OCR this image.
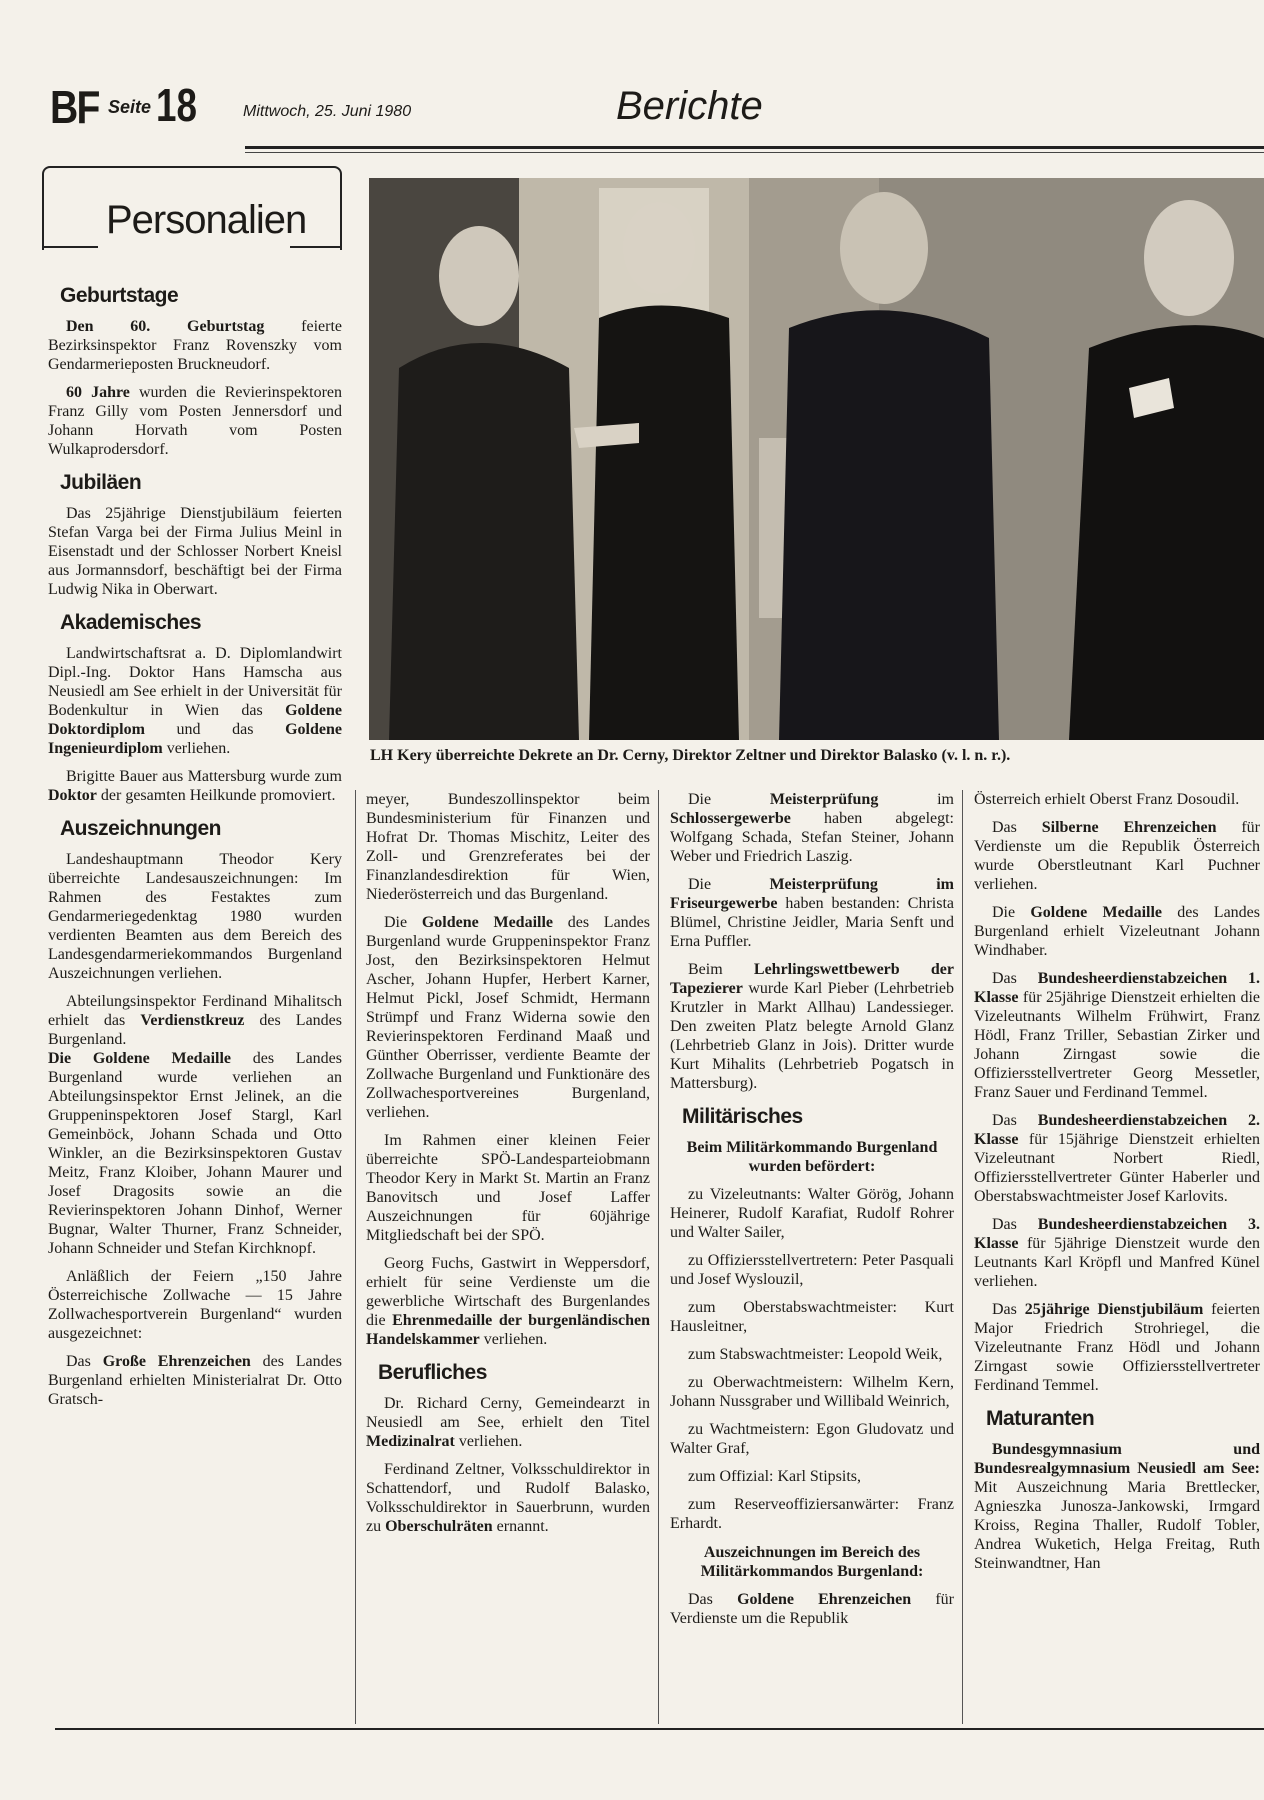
BF Seite 18	Mittwoch, 25. Juni 1980	Berichte
Personalien
LH Kery überreichte Dekrete an Dr. Cerny, Direktor Zeltner und Direktor Balasko (v. l. n. r.).
Geburtstage

Den 60. Geburtstag feierte Bezirksinspektor Franz Rovenszky vom Gendarmerieposten Bruckneudorf.

60 Jahre wurden die Revierinspektoren Franz Gilly vom Posten Jennersdorf und Johann Horvath vom Posten Wulkaprodersdorf.

Jubiläen

Das 25jährige Dienstjubiläum feierten Stefan Varga bei der Firma Julius Meinl in Eisenstadt und der Schlosser Norbert Kneisl aus Jormannsdorf, beschäftigt bei der Firma Ludwig Nika in Oberwart.

Akademisches

Landwirtschaftsrat a. D. Diplomlandwirt Dipl.-Ing. Doktor Hans Hamscha aus Neusiedl am See erhielt in der Universität für Bodenkultur in Wien das Goldene Doktordiplom und das Goldene Ingenieurdiplom verliehen.

Brigitte Bauer aus Mattersburg wurde zum Doktor der gesamten Heilkunde promoviert.

Auszeichnungen

Landeshauptmann Theodor Kery überreichte Landesauszeichnungen: Im Rahmen des Festaktes zum Gendarmeriegedenktag 1980 wurden verdienten Beamten aus dem Bereich des Landesgendarmeriekommandos Burgenland Auszeichnungen verliehen.

Abteilungsinspektor Ferdinand Mihalitsch erhielt das Verdienstkreuz des Landes Burgenland.
Die Goldene Medaille des Landes Burgenland wurde verliehen an Abteilungsinspektor Ernst Jelinek, an die Gruppeninspektoren Josef Stargl, Karl Gemeinböck, Johann Schada und Otto Winkler, an die Bezirksinspektoren Gustav Meitz, Franz Kloiber, Johann Maurer und Josef Dragosits sowie an die Revierinspektoren Johann Dinhof, Werner Bugnar, Walter Thurner, Franz Schneider, Johann Schneider und Stefan Kirchknopf.

Anläßlich der Feiern „150 Jahre Österreichische Zollwache — 15 Jahre Zollwachesportverein Burgenland“ wurden ausgezeichnet:

Das Große Ehrenzeichen des Landes Burgenland erhielten Ministerialrat Dr. Otto Gratsch-

meyer, Bundeszollinspektor beim Bundesministerium für Finanzen und Hofrat Dr. Thomas Mischitz, Leiter des Zoll- und Grenzreferates bei der Finanzlandesdirektion für Wien, Niederösterreich und das Burgenland.

Die Goldene Medaille des Landes Burgenland wurde Gruppeninspektor Franz Jost, den Bezirksinspektoren Helmut Ascher, Johann Hupfer, Herbert Karner, Helmut Pickl, Josef Schmidt, Hermann Strümpf und Franz Widerna sowie den Revierinspektoren Ferdinand Maaß und Günther Oberrisser, verdiente Beamte der Zollwache Burgenland und Funktionäre des Zollwachesportvereines Burgenland, verliehen.

Im Rahmen einer kleinen Feier überreichte SPÖ-Landesparteiobmann Theodor Kery in Markt St. Martin an Franz Banovitsch und Josef Laffer Auszeichnungen für 60jährige Mitgliedschaft bei der SPÖ.

Georg Fuchs, Gastwirt in Weppersdorf, erhielt für seine Verdienste um die gewerbliche Wirtschaft des Burgenlandes die Ehrenmedaille der burgenländischen Handelskammer verliehen.

Berufliches

Dr. Richard Cerny, Gemeindearzt in Neusiedl am See, erhielt den Titel Medizinalrat verliehen.

Ferdinand Zeltner, Volksschuldirektor in Schattendorf, und Rudolf Balasko, Volksschuldirektor in Sauerbrunn, wurden zu Oberschulräten ernannt.

Die Meisterprüfung im Schlossergewerbe haben abgelegt: Wolfgang Schada, Stefan Steiner, Johann Weber und Friedrich Laszig.

Die Meisterprüfung im Friseurgewerbe haben bestanden: Christa Blümel, Christine Jeidler, Maria Senft und Erna Puffler.

Beim Lehrlingswettbewerb der Tapezierer wurde Karl Pieber (Lehrbetrieb Krutzler in Markt Allhau) Landessieger. Den zweiten Platz belegte Arnold Glanz (Lehrbetrieb Glanz in Jois). Dritter wurde Kurt Mihalits (Lehrbetrieb Pogatsch in Mattersburg).

Militärisches

Beim Militärkommando Burgenland wurden befördert:

zu Vizeleutnants: Walter Görög, Johann Heinerer, Rudolf Karafiat, Rudolf Rohrer und Walter Sailer,

zu Offiziersstellvertretern: Peter Pasquali und Josef Wyslouzil,

zum Oberstabswachtmeister: Kurt Hausleitner,

zum Stabswachtmeister: Leopold Weik,

zu Oberwachtmeistern: Wilhelm Kern, Johann Nussgraber und Willibald Weinrich,

zu Wachtmeistern: Egon Gludovatz und Walter Graf,

zum Offizial: Karl Stipsits,

zum Reserveoffiziersanwärter: Franz Erhardt.

Auszeichnungen im Bereich des Militärkommandos Burgenland:

Das Goldene Ehrenzeichen für Verdienste um die Republik

Österreich erhielt Oberst Franz Dosoudil.

Das Silberne Ehrenzeichen für Verdienste um die Republik Österreich wurde Oberstleutnant Karl Puchner verliehen.

Die Goldene Medaille des Landes Burgenland erhielt Vizeleutnant Johann Windhaber.

Das Bundesheerdienstabzeichen 1. Klasse für 25jährige Dienstzeit erhielten die Vizeleutnants Wilhelm Frühwirt, Franz Hödl, Franz Triller, Sebastian Zirker und Johann Zirngast sowie die Offiziersstellvertreter Georg Messetler, Franz Sauer und Ferdinand Temmel.

Das Bundesheerdienstabzeichen 2. Klasse für 15jährige Dienstzeit erhielten Vizeleutnant Norbert Riedl, Offiziersstellvertreter Günter Haberler und Oberstabswachtmeister Josef Karlovits.

Das Bundesheerdienstabzeichen 3. Klasse für 5jährige Dienstzeit wurde den Leutnants Karl Kröpfl und Manfred Künel verliehen.

Das 25jährige Dienstjubiläum feierten Major Friedrich Strohriegel, die Vizeleutnante Franz Hödl und Johann Zirngast sowie Offiziersstellvertreter Ferdinand Temmel.

Maturanten

Bundesgymnasium und Bundesrealgymnasium Neusiedl am See: Mit Auszeichnung Maria Brettlecker, Agnieszka Junosza-Jankowski, Irmgard Kroiss, Regina Thaller, Rudolf Tobler, Andrea Wuketich, Helga Freitag, Ruth Steinwandtner, Han
